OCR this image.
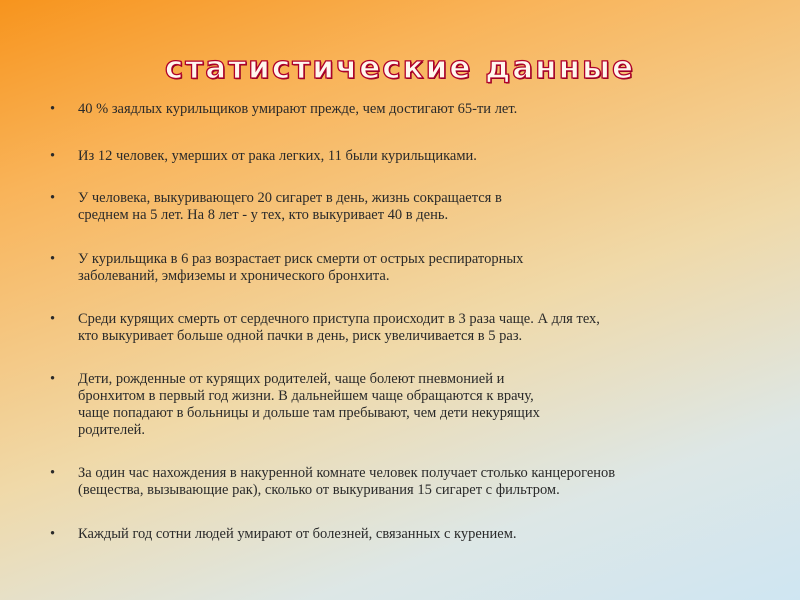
статистические данные
•	40 % заядлых курильщиков умирают прежде, чем достигают 65-ти лет.
•	Из 12 человек, умерших от рака легких, 11 были курильщиками.
•	У человека, выкуривающего 20 сигарет в день, жизнь сокращается в
среднем на 5 лет. На 8 лет - у тех, кто выкуривает 40 в день.
•	У курильщика в 6 раз возрастает риск смерти от острых респираторных
заболеваний, эмфиземы и хронического бронхита.
•	Среди курящих смерть от сердечного приступа происходит в 3 раза чаще. А для тех,
кто выкуривает больше одной пачки в день, риск увеличивается в 5 раз.
•	Дети, рожденные от курящих родителей, чаще болеют пневмонией и
бронхитом в первый год жизни. В дальнейшем чаще обращаются к врачу,
чаще попадают в больницы и дольше там пребывают, чем дети некурящих
родителей.
•	За один час нахождения в накуренной комнате человек получает столько канцерогенов
(вещества, вызывающие рак), сколько от выкуривания 15 сигарет с фильтром.
•	Каждый год сотни людей умирают от болезней, связанных с курением.
